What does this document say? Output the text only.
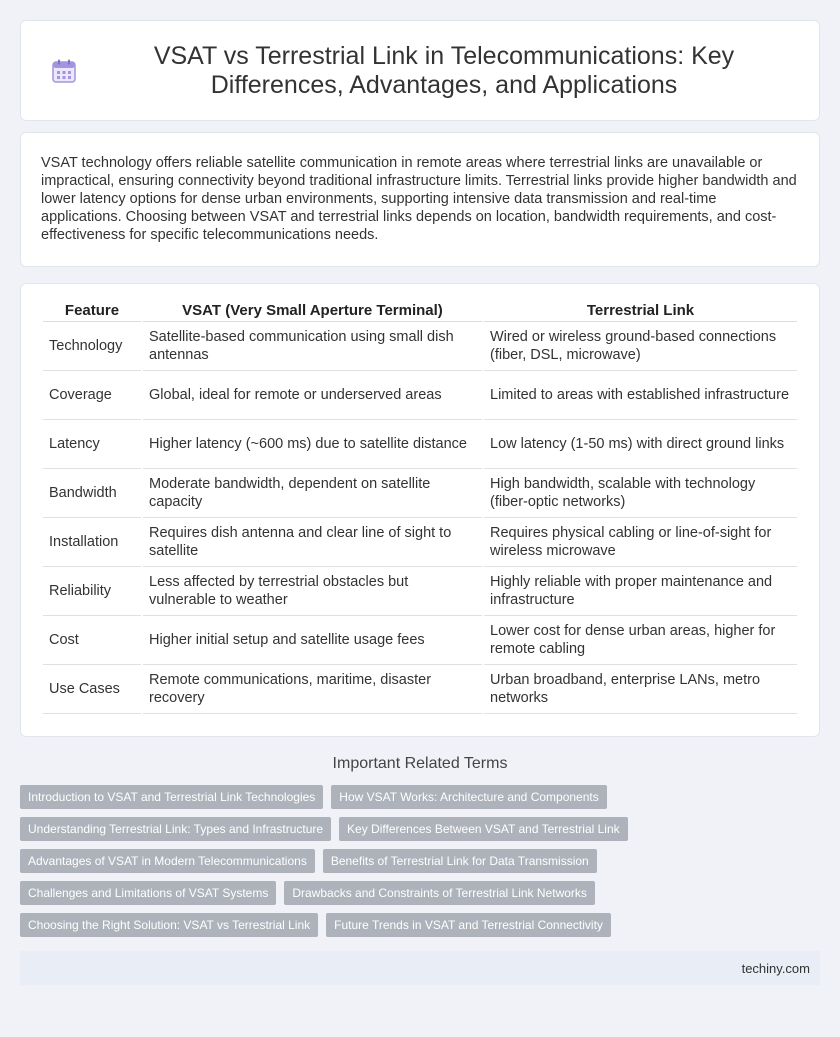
VSAT vs Terrestrial Link in Telecommunications: Key Differences, Advantages, and Applications
VSAT technology offers reliable satellite communication in remote areas where terrestrial links are unavailable or impractical, ensuring connectivity beyond traditional infrastructure limits. Terrestrial links provide higher bandwidth and lower latency options for dense urban environments, supporting intensive data transmission and real-time applications. Choosing between VSAT and terrestrial links depends on location, bandwidth requirements, and cost-effectiveness for specific telecommunications needs.
Feature	VSAT (Very Small Aperture Terminal)	Terrestrial Link
Technology	Satellite-based communication using small dish antennas	Wired or wireless ground-based connections (fiber, DSL, microwave)
Coverage	Global, ideal for remote or underserved areas	Limited to areas with established infrastructure
Latency	Higher latency (~600 ms) due to satellite distance	Low latency (1-50 ms) with direct ground links
Bandwidth	Moderate bandwidth, dependent on satellite capacity	High bandwidth, scalable with technology (fiber-optic networks)
Installation	Requires dish antenna and clear line of sight to satellite	Requires physical cabling or line-of-sight for wireless microwave
Reliability	Less affected by terrestrial obstacles but vulnerable to weather	Highly reliable with proper maintenance and infrastructure
Cost	Higher initial setup and satellite usage fees	Lower cost for dense urban areas, higher for remote cabling
Use Cases	Remote communications, maritime, disaster recovery	Urban broadband, enterprise LANs, metro networks
Important Related Terms
Introduction to VSAT and Terrestrial Link Technologies	How VSAT Works: Architecture and Components
Understanding Terrestrial Link: Types and Infrastructure	Key Differences Between VSAT and Terrestrial Link
Advantages of VSAT in Modern Telecommunications	Benefits of Terrestrial Link for Data Transmission
Challenges and Limitations of VSAT Systems	Drawbacks and Constraints of Terrestrial Link Networks
Choosing the Right Solution: VSAT vs Terrestrial Link	Future Trends in VSAT and Terrestrial Connectivity
techiny.com
